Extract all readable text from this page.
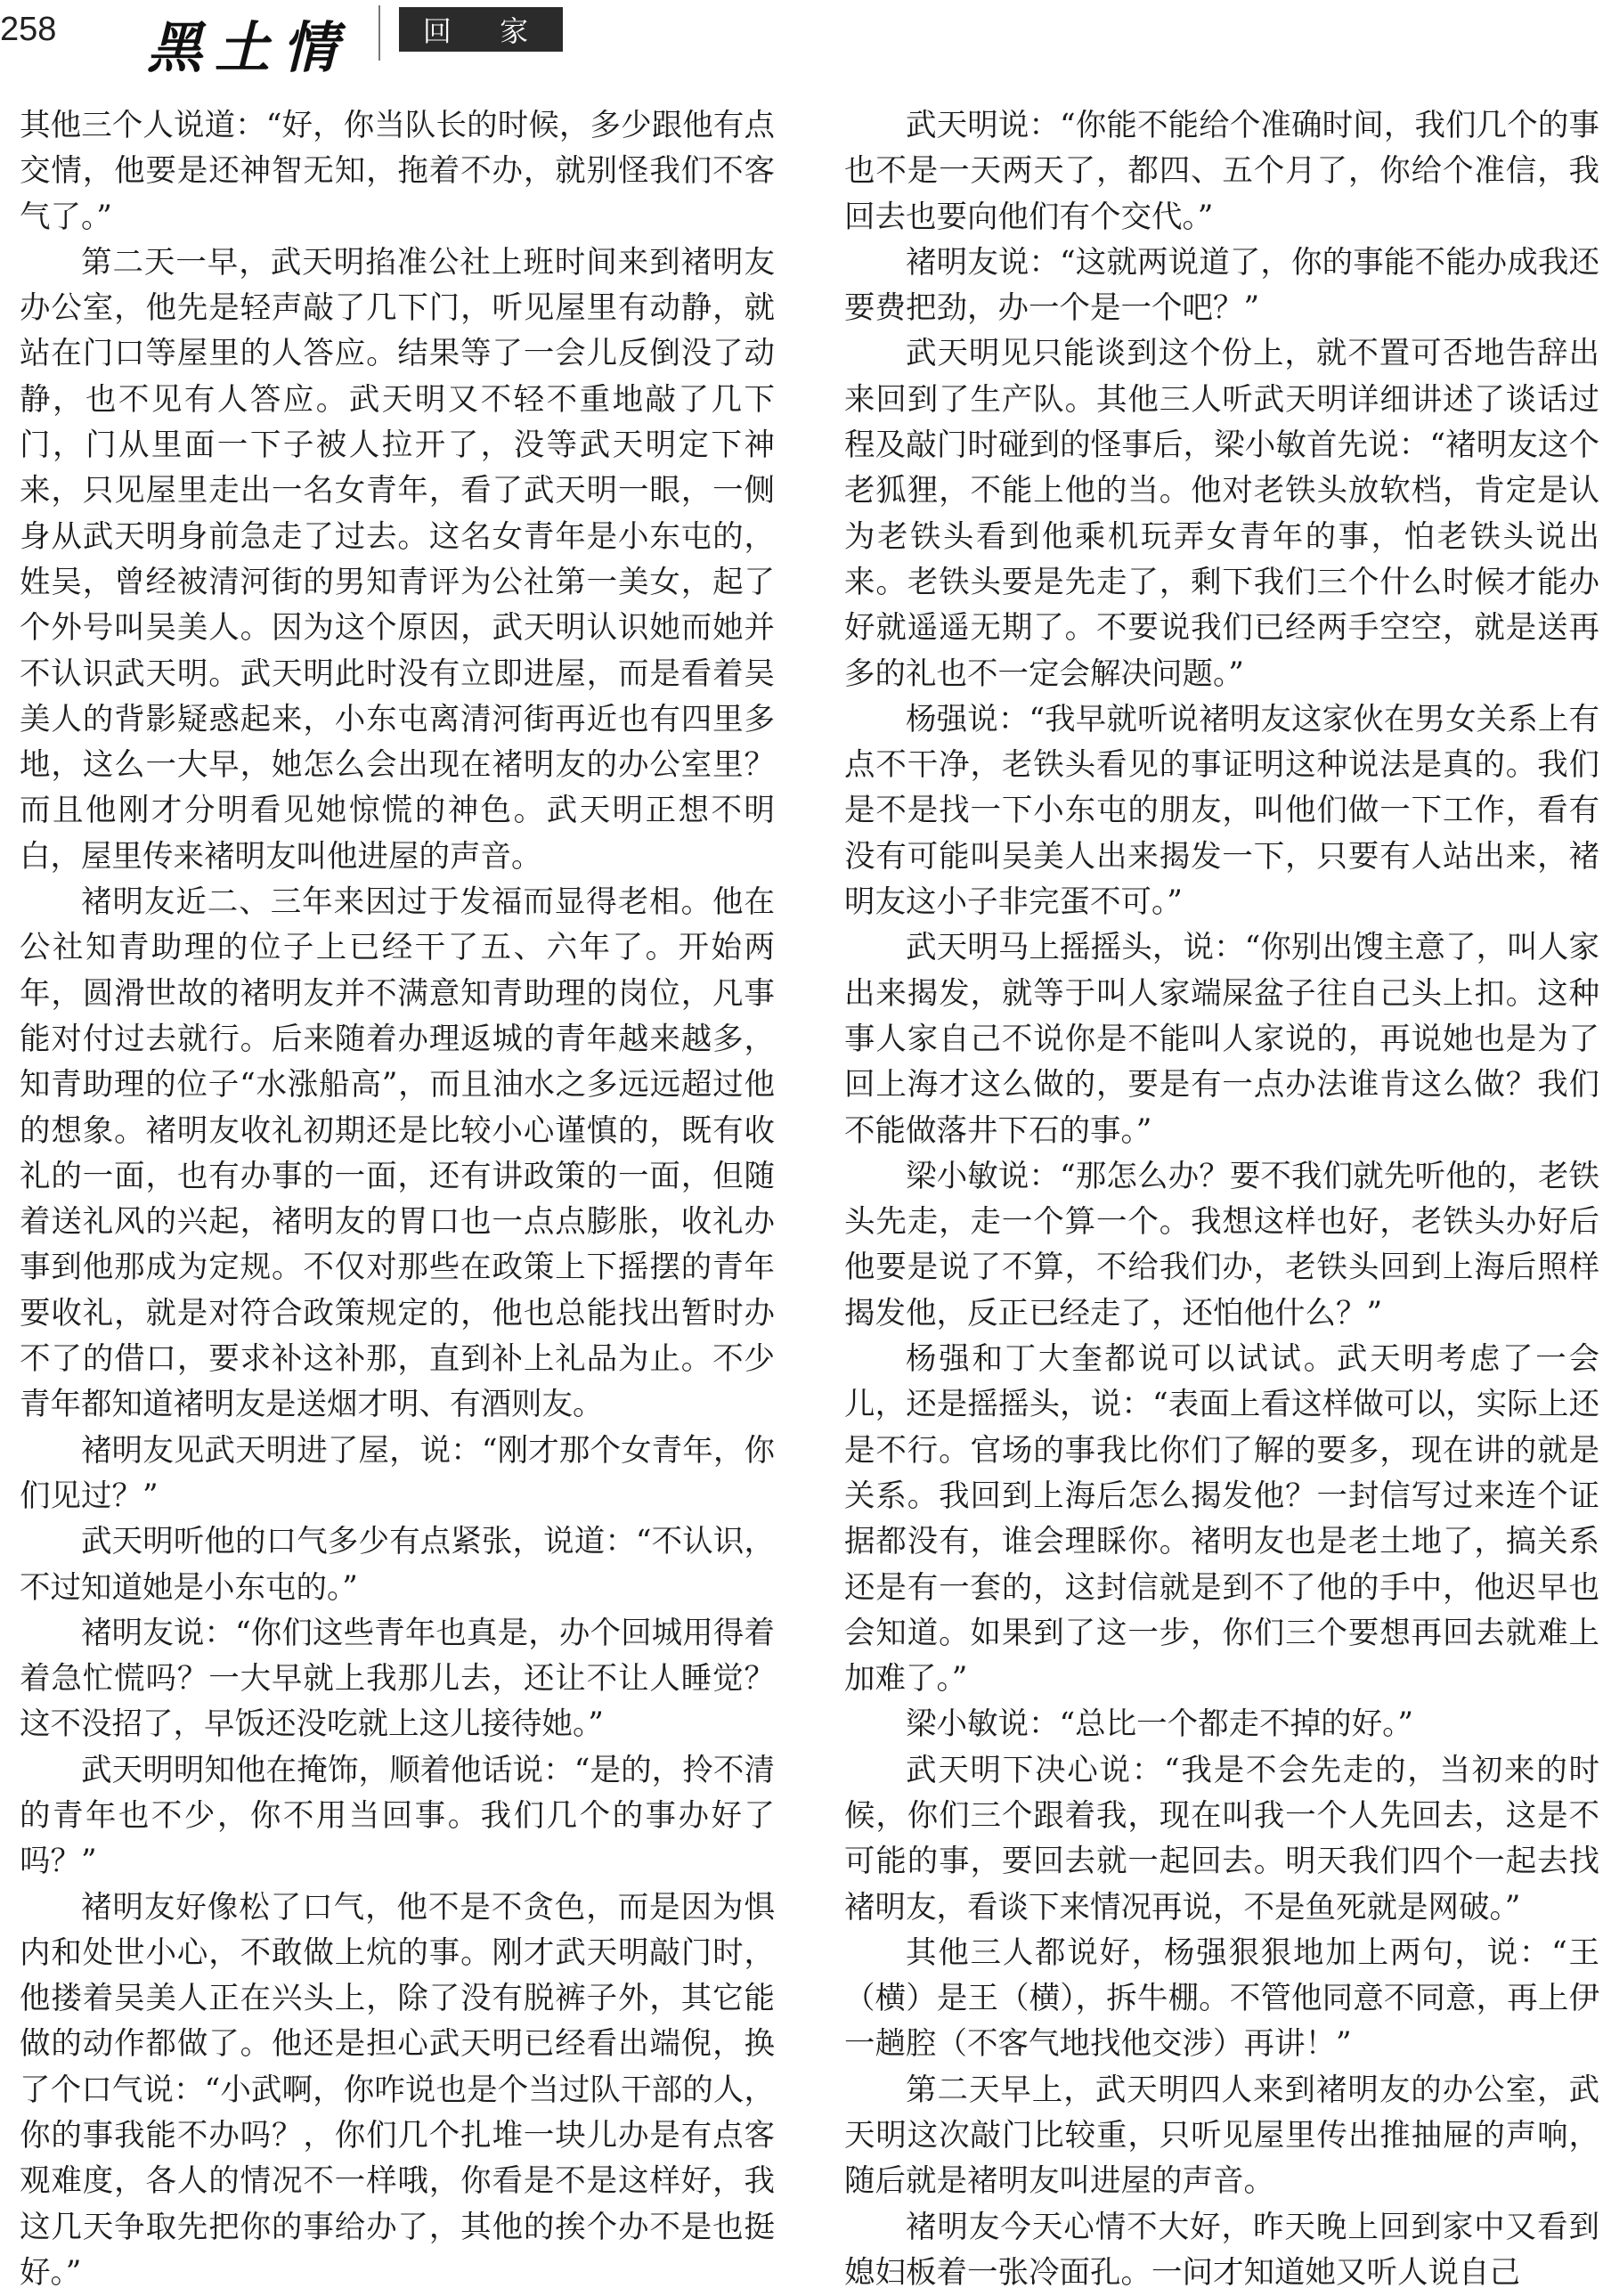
258 黑土情	回 家

其他三个人说道：“好，你当队长的时候，多少跟他有点交情，他要是还神智无知，拖着不办，就别怪我们不客气了。”

第二天一早，武天明掐准公社上班时间来到褚明友办公室，他先是轻声敲了几下门，听见屋里有动静，就站在门口等屋里的人答应。结果等了一会儿反倒没了动静，也不见有人答应。武天明又不轻不重地敲了几下门，门从里面一下子被人拉开了，没等武天明定下神来，只见屋里走出一名女青年，看了武天明一眼，一侧身从武天明身前急走了过去。这名女青年是小东屯的，姓吴，曾经被清河街的男知青评为公社第一美女，起了个外号叫吴美人。因为这个原因，武天明认识她而她并不认识武天明。武天明此时没有立即进屋，而是看着吴美人的背影疑惑起来，小东屯离清河街再近也有四里多地，这么一大早，她怎么会出现在褚明友的办公室里？而且他刚才分明看见她惊慌的神色。武天明正想不明白，屋里传来褚明友叫他进屋的声音。

褚明友近二、三年来因过于发福而显得老相。他在公社知青助理的位子上已经干了五、六年了。开始两年，圆滑世故的褚明友并不满意知青助理的岗位，凡事能对付过去就行。后来随着办理返城的青年越来越多，知青助理的位子“水涨船高”，而且油水之多远远超过他的想象。褚明友收礼初期还是比较小心谨慎的，既有收礼的一面，也有办事的一面，还有讲政策的一面，但随着送礼风的兴起，褚明友的胃口也一点点膨胀，收礼办事到他那成为定规。不仅对那些在政策上下摇摆的青年要收礼，就是对符合政策规定的，他也总能找出暂时办不了的借口，要求补这补那，直到补上礼品为止。不少青年都知道褚明友是送烟才明、有酒则友。

褚明友见武天明进了屋，说：“刚才那个女青年，你们见过？”

武天明听他的口气多少有点紧张，说道：“不认识，不过知道她是小东屯的。”

褚明友说：“你们这些青年也真是，办个回城用得着着急忙慌吗？一大早就上我那儿去，还让不让人睡觉？这不没招了，早饭还没吃就上这儿接待她。”

武天明明知他在掩饰，顺着他话说：“是的，拎不清的青年也不少，你不用当回事。我们几个的事办好了吗？”

褚明友好像松了口气，他不是不贪色，而是因为惧内和处世小心，不敢做上炕的事。刚才武天明敲门时，他搂着吴美人正在兴头上，除了没有脱裤子外，其它能做的动作都做了。他还是担心武天明已经看出端倪，换了个口气说：“小武啊，你咋说也是个当过队干部的人，你的事我能不办吗？，你们几个扎堆一块儿办是有点客观难度，各人的情况不一样哦，你看是不是这样好，我这几天争取先把你的事给办了，其他的挨个办不是也挺好。”

武天明说：“你能不能给个准确时间，我们几个的事也不是一天两天了，都四、五个月了，你给个准信，我回去也要向他们有个交代。”

褚明友说：“这就两说道了，你的事能不能办成我还要费把劲，办一个是一个吧？”

武天明见只能谈到这个份上，就不置可否地告辞出来回到了生产队。其他三人听武天明详细讲述了谈话过程及敲门时碰到的怪事后，梁小敏首先说：“褚明友这个老狐狸，不能上他的当。他对老铁头放软档，肯定是认为老铁头看到他乘机玩弄女青年的事，怕老铁头说出来。老铁头要是先走了，剩下我们三个什么时候才能办好就遥遥无期了。不要说我们已经两手空空，就是送再多的礼也不一定会解决问题。”

杨强说：“我早就听说褚明友这家伙在男女关系上有点不干净，老铁头看见的事证明这种说法是真的。我们是不是找一下小东屯的朋友，叫他们做一下工作，看有没有可能叫吴美人出来揭发一下，只要有人站出来，褚明友这小子非完蛋不可。”

武天明马上摇摇头，说：“你别出馊主意了，叫人家出来揭发，就等于叫人家端屎盆子往自己头上扣。这种事人家自己不说你是不能叫人家说的，再说她也是为了回上海才这么做的，要是有一点办法谁肯这么做？我们不能做落井下石的事。”

梁小敏说：“那怎么办？要不我们就先听他的，老铁头先走，走一个算一个。我想这样也好，老铁头办好后他要是说了不算，不给我们办，老铁头回到上海后照样揭发他，反正已经走了，还怕他什么？”

杨强和丁大奎都说可以试试。武天明考虑了一会儿，还是摇摇头，说：“表面上看这样做可以，实际上还是不行。官场的事我比你们了解的要多，现在讲的就是关系。我回到上海后怎么揭发他？一封信写过来连个证据都没有，谁会理睬你。褚明友也是老土地了，搞关系还是有一套的，这封信就是到不了他的手中，他迟早也会知道。如果到了这一步，你们三个要想再回去就难上加难了。”

梁小敏说：“总比一个都走不掉的好。”

武天明下决心说：“我是不会先走的，当初来的时候，你们三个跟着我，现在叫我一个人先回去，这是不可能的事，要回去就一起回去。明天我们四个一起去找褚明友，看谈下来情况再说，不是鱼死就是网破。”

其他三人都说好，杨强狠狠地加上两句，说：“王（横）是王（横），拆牛棚。不管他同意不同意，再上伊一趟腔（不客气地找他交涉）再讲！”

第二天早上，武天明四人来到褚明友的办公室，武天明这次敲门比较重，只听见屋里传出推抽屉的声响，随后就是褚明友叫进屋的声音。

褚明友今天心情不大好，昨天晚上回到家中又看到媳妇板着一张冷面孔。一问才知道她又听人说自己
